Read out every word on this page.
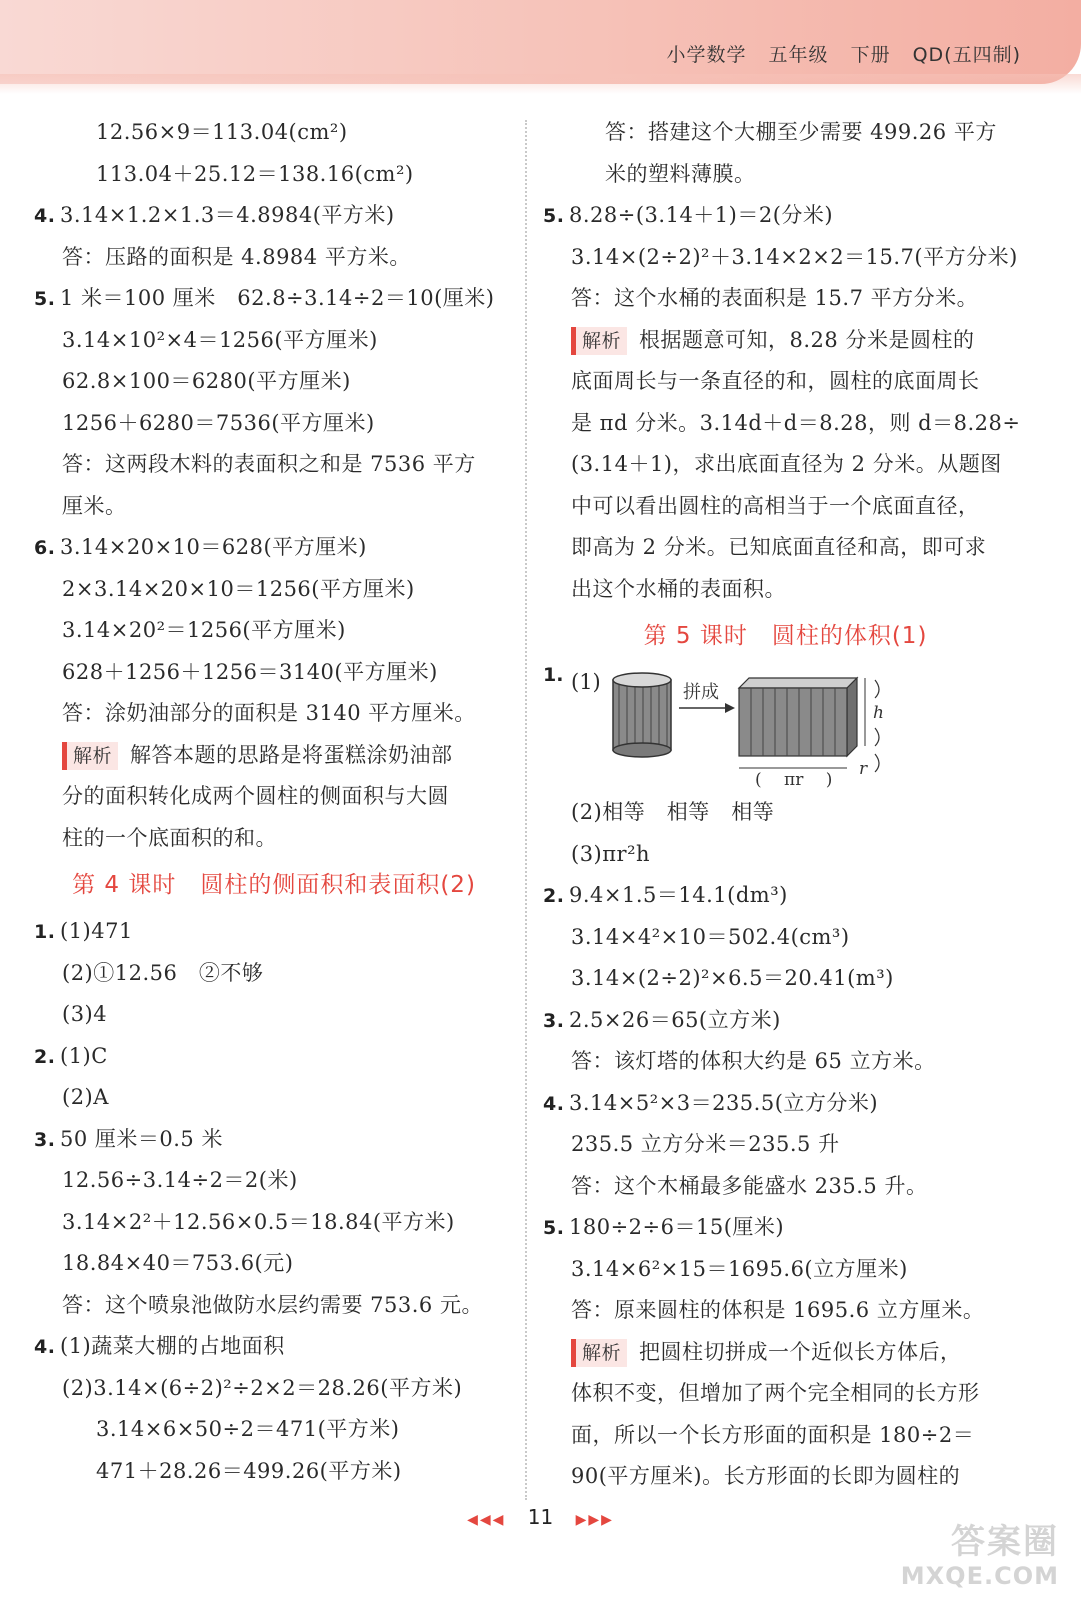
小学数学 五年级 下册 QD(五四制)
12.56×9＝113.04(cm²)
113.04＋25.12＝138.16(cm²)
4. 3.14×1.2×1.3＝4.8984(平方米)
答：压路的面积是 4.8984 平方米。
5. 1 米＝100 厘米　62.8÷3.14÷2＝10(厘米)
3.14×10²×4＝1256(平方厘米)
62.8×100＝6280(平方厘米)
1256＋6280＝7536(平方厘米)
答：这两段木料的表面积之和是 7536 平方
厘米。
6. 3.14×20×10＝628(平方厘米)
2×3.14×20×10＝1256(平方厘米)
3.14×20²＝1256(平方厘米)
628＋1256＋1256＝3140(平方厘米)
答：涂奶油部分的面积是 3140 平方厘米。
解析 解答本题的思路是将蛋糕涂奶油部
分的面积转化成两个圆柱的侧面积与大圆
柱的一个底面积的和。
第 4 课时　圆柱的侧面积和表面积(2)
1. (1)471
(2)①12.56　②不够
(3)4
2. (1)C
(2)A
3. 50 厘米＝0.5 米
12.56÷3.14÷2＝2(米)
3.14×2²＋12.56×0.5＝18.84(平方米)
18.84×40＝753.6(元)
答：这个喷泉池做防水层约需要 753.6 元。
4. (1)蔬菜大棚的占地面积
(2)3.14×(6÷2)²÷2×2＝28.26(平方米)
3.14×6×50÷2＝471(平方米)
471＋28.26＝499.26(平方米)
答：搭建这个大棚至少需要 499.26 平方
米的塑料薄膜。
5. 8.28÷(3.14＋1)＝2(分米)
3.14×(2÷2)²＋3.14×2×2＝15.7(平方分米)
答：这个水桶的表面积是 15.7 平方分米。
解析 根据题意可知，8.28 分米是圆柱的
底面周长与一条直径的和，圆柱的底面周长
是 πd 分米。3.14d＋d＝8.28，则 d＝8.28÷
(3.14＋1)，求出底面直径为 2 分米。从题图
中可以看出圆柱的高相当于一个底面直径，
即高为 2 分米。已知底面直径和高，即可求
出这个水桶的表面积。
第 5 课时　圆柱的体积(1)
1. (1)	拼成
( 　πr　 )
h
r
(2)相等　相等　相等
(3)πr²h
2. 9.4×1.5＝14.1(dm³)
3.14×4²×10＝502.4(cm³)
3.14×(2÷2)²×6.5＝20.41(m³)
3. 2.5×26＝65(立方米)
答：该灯塔的体积大约是 65 立方米。
4. 3.14×5²×3＝235.5(立方分米)
235.5 立方分米＝235.5 升
答：这个木桶最多能盛水 235.5 升。
5. 180÷2÷6＝15(厘米)
3.14×6²×15＝1695.6(立方厘米)
答：原来圆柱的体积是 1695.6 立方厘米。
解析 把圆柱切拼成一个近似长方体后，
体积不变，但增加了两个完全相同的长方形
面，所以一个长方形面的面积是 180÷2＝
90(平方厘米)。长方形面的长即为圆柱的
◀◀◀ 11 ▶▶▶
答案圈
MXQE.COM
